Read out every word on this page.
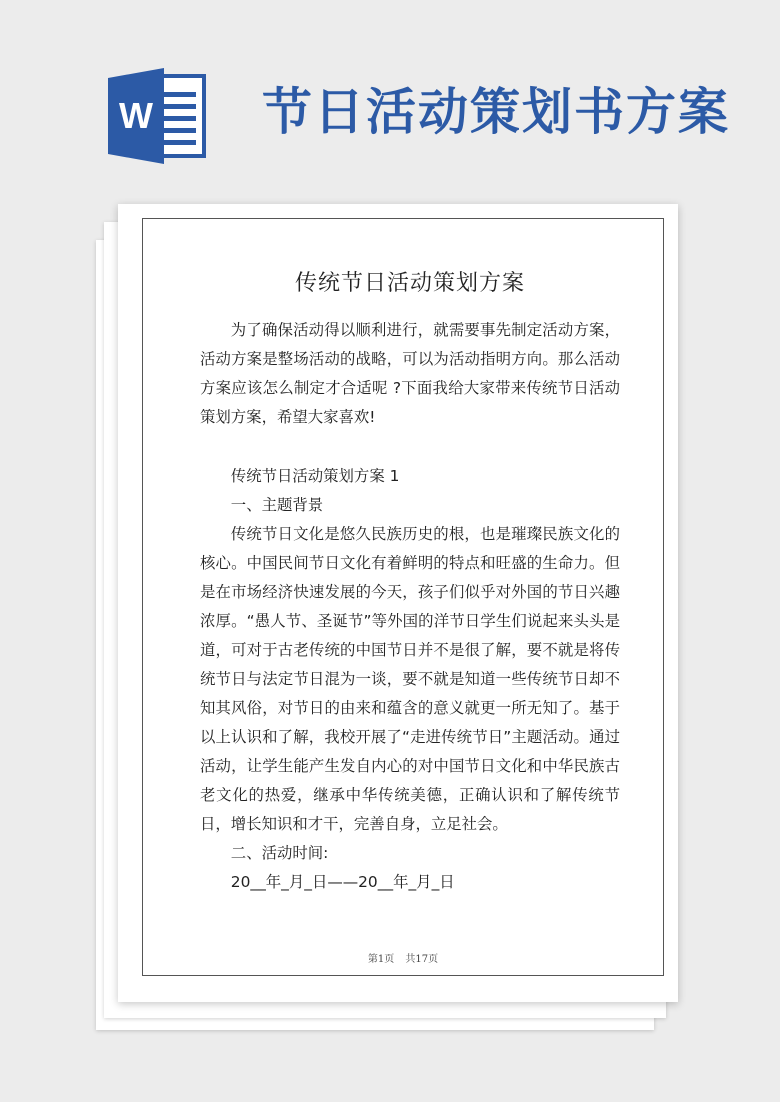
W 节日活动策划书方案
传统节日活动策划方案

为了确保活动得以顺利进行，就需要事先制定活动方案，活动方案是整场活动的战略，可以为活动指明方向。那么活动方案应该怎么制定才合适呢 ?下面我给大家带来传统节日活动策划方案，希望大家喜欢!

传统节日活动策划方案 1

一、主题背景

传统节日文化是悠久民族历史的根，也是璀璨民族文化的核心。中国民间节日文化有着鲜明的特点和旺盛的生命力。但是在市场经济快速发展的今天，孩子们似乎对外国的节日兴趣浓厚。“愚人节、圣诞节”等外国的洋节日学生们说起来头头是道，可对于古老传统的中国节日并不是很了解，要不就是将传统节日与法定节日混为一谈，要不就是知道一些传统节日却不知其风俗，对节日的由来和蕴含的意义就更一所无知了。基于以上认识和了解，我校开展了“走进传统节日”主题活动。通过活动，让学生能产生发自内心的对中国节日文化和中华民族古老文化的热爱，继承中华传统美德，正确认识和了解传统节日，增长知识和才干，完善自身，立足社会。

二、活动时间:

20__年_月_日——20__年_月_日

第1页 共17页
